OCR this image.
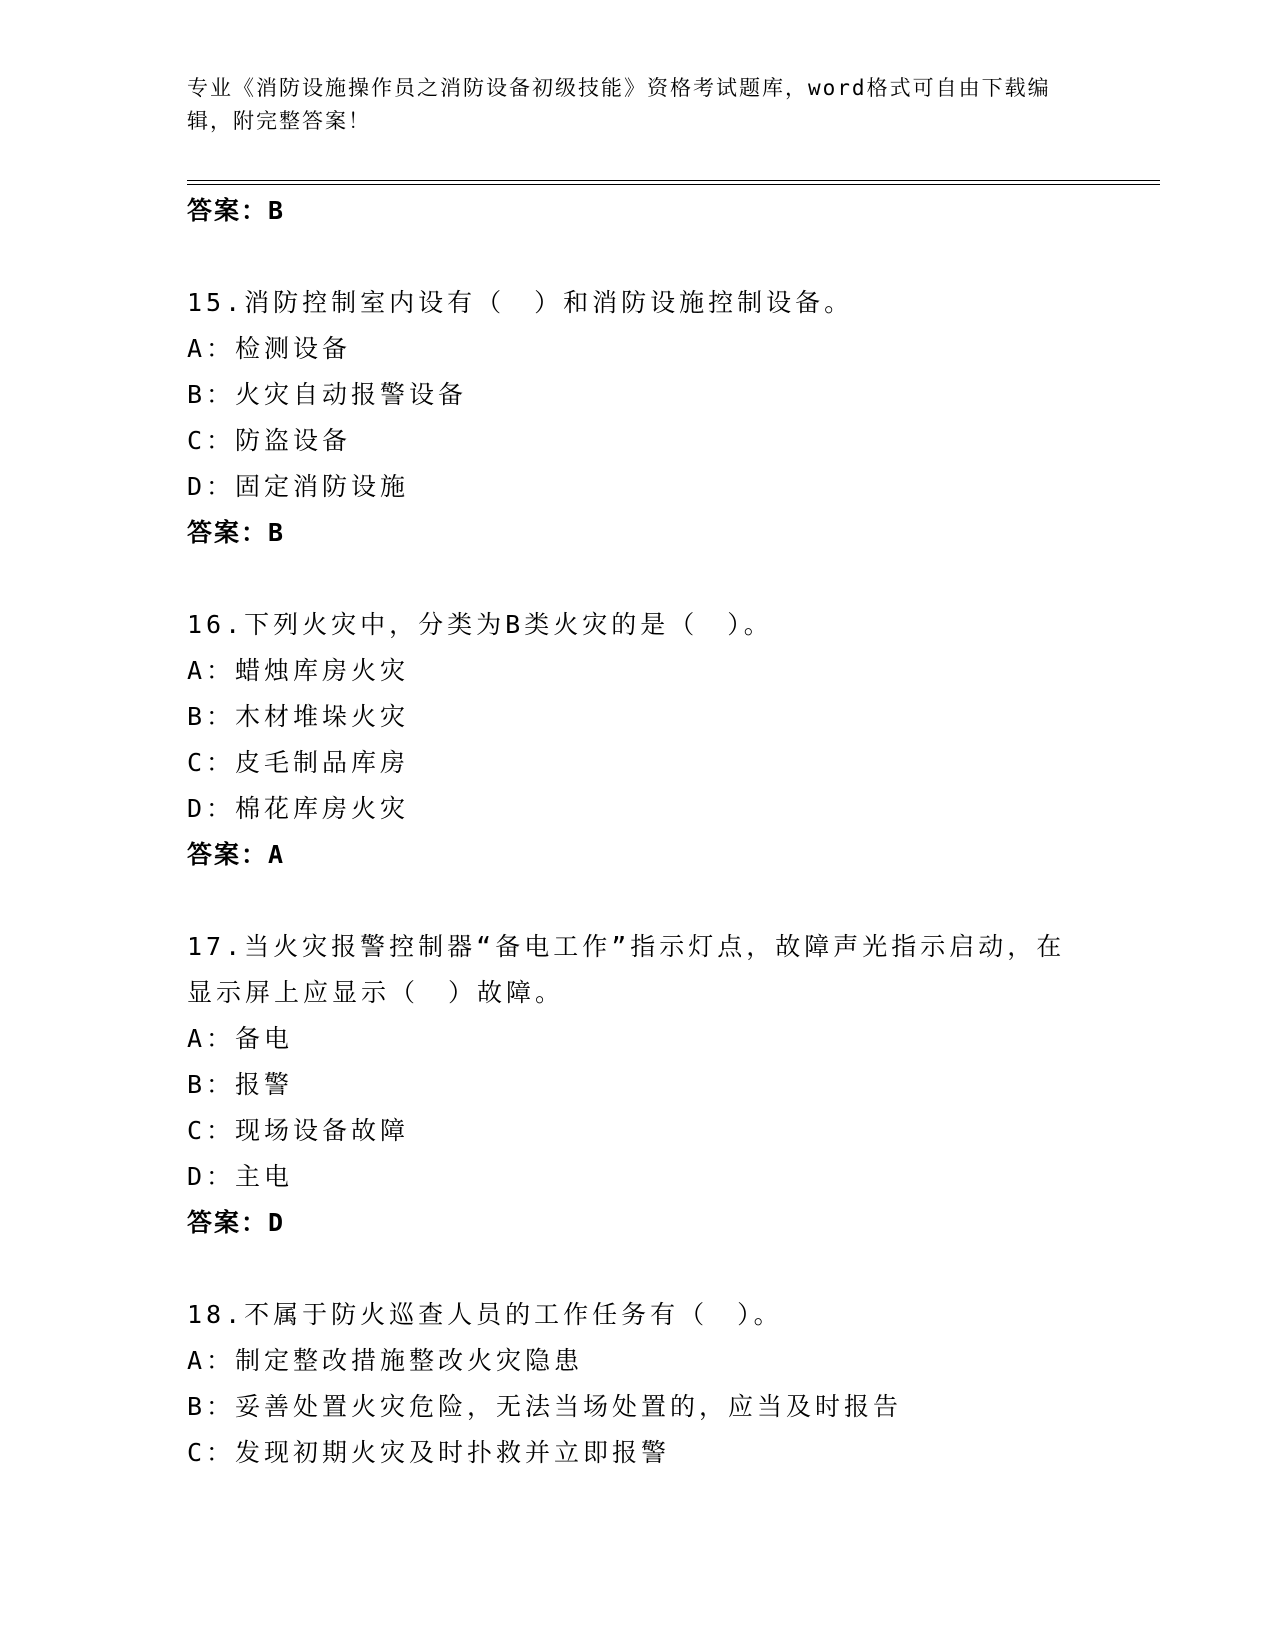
专业《消防设施操作员之消防设备初级技能》资格考试题库，word格式可自由下载编辑，附完整答案！
答案：B
15.消防控制室内设有（　）和消防设施控制设备。
A：检测设备
B：火灾自动报警设备
C：防盗设备
D：固定消防设施
答案：B
16.下列火灾中，分类为B类火灾的是（　）。
A：蜡烛库房火灾
B：木材堆垛火灾
C：皮毛制品库房
D：棉花库房火灾
答案：A
17.当火灾报警控制器“备电工作”指示灯点，故障声光指示启动，在
显示屏上应显示（　）故障。
A：备电
B：报警
C：现场设备故障
D：主电
答案：D
18.不属于防火巡查人员的工作任务有（　）。
A：制定整改措施整改火灾隐患
B：妥善处置火灾危险，无法当场处置的，应当及时报告
C：发现初期火灾及时扑救并立即报警
